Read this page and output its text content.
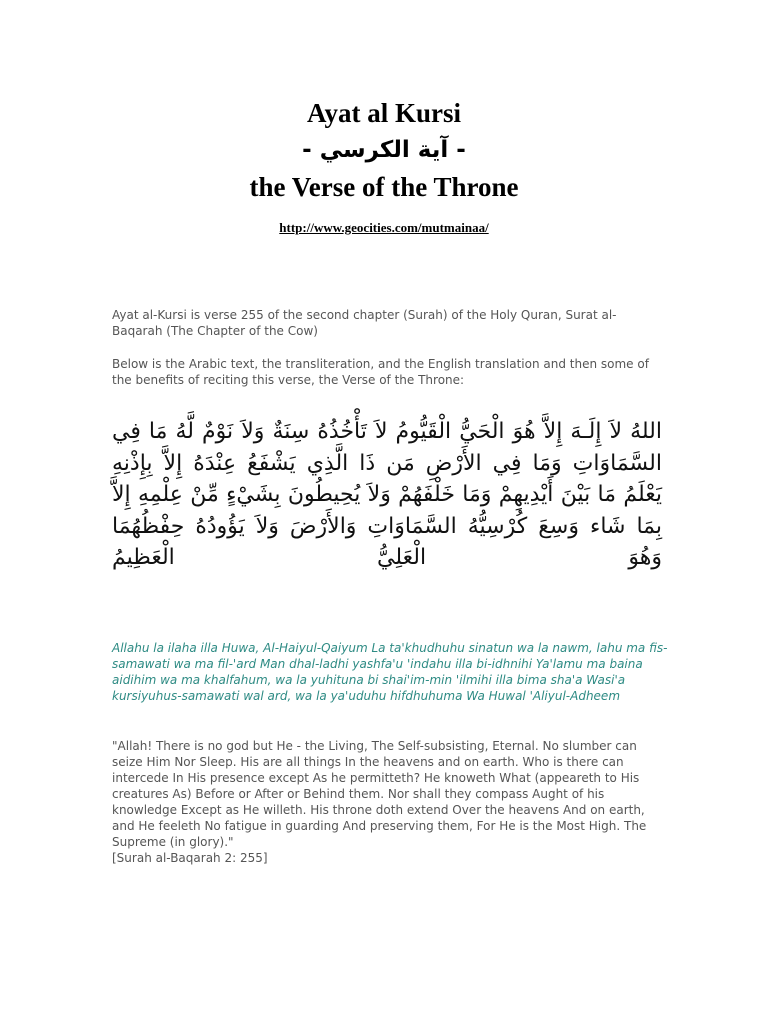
Ayat al Kursi
- آية الكرسي -
the Verse of the Throne
http://www.geocities.com/mutmainaa/

Ayat al-Kursi is verse 255 of the second chapter (Surah) of the Holy Quran, Surat al-Baqarah (The Chapter of the Cow)

Below is the Arabic text, the transliteration, and the English translation and then some of the benefits of reciting this verse, the Verse of the Throne:

اللهُ لاَ إِلَـهَ إِلاَّ هُوَ الْحَيُّ الْقَيُّومُ لاَ تَأْخُذُهُ سِنَةٌ وَلاَ نَوْمٌ لَّهُ مَا فِي السَّمَاوَاتِ وَمَا فِي الأَرْضِ مَن ذَا الَّذِي يَشْفَعُ عِنْدَهُ إِلاَّ بِإِذْنِهِ يَعْلَمُ مَا بَيْنَ أَيْدِيهِمْ وَمَا خَلْفَهُمْ وَلاَ يُحِيطُونَ بِشَيْءٍ مِّنْ عِلْمِهِ إِلاَّ بِمَا شَاء وَسِعَ كُرْسِيُّهُ السَّمَاوَاتِ وَالأَرْضَ وَلاَ يَؤُودُهُ حِفْظُهُمَا وَهُوَ الْعَلِيُّ الْعَظِيمُ

Allahu la ilaha illa Huwa, Al-Haiyul-Qaiyum La ta'khudhuhu sinatun wa la nawm, lahu ma fis-samawati wa ma fil-'ard Man dhal-ladhi yashfa'u 'indahu illa bi-idhnihi Ya'lamu ma baina aidihim wa ma khalfahum, wa la yuhituna bi shai'im-min 'ilmihi illa bima sha'a Wasi'a kursiyuhus-samawati wal ard, wa la ya'uduhu hifdhuhuma Wa Huwal 'Aliyul-Adheem

"Allah! There is no god but He - the Living, The Self-subsisting, Eternal. No slumber can seize Him Nor Sleep. His are all things In the heavens and on earth. Who is there can intercede In His presence except As he permitteth? He knoweth What (appeareth to His creatures As) Before or After or Behind them. Nor shall they compass Aught of his knowledge Except as He willeth. His throne doth extend Over the heavens And on earth, and He feeleth No fatigue in guarding And preserving them, For He is the Most High. The Supreme (in glory)."
[Surah al-Baqarah 2: 255]
